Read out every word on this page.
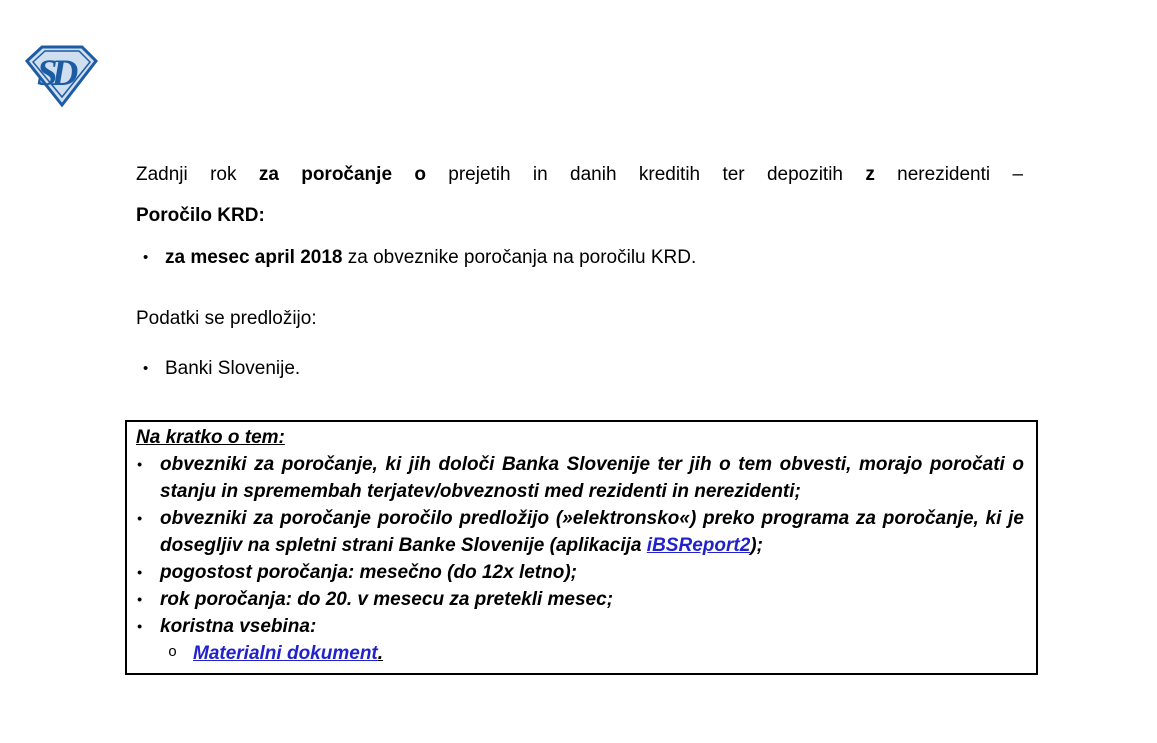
SD
Zadnji rok za poročanje o prejetih in danih kreditih ter depozitih z nerezidenti –
Poročilo KRD:
• za mesec april 2018 za obveznike poročanja na poročilu KRD.
Podatki se predložijo:
• Banki Slovenije.
Na kratko o tem:
• obvezniki za poročanje, ki jih določi Banka Slovenije ter jih o tem obvesti, morajo poročati o stanju in spremembah terjatev/obveznosti med rezidenti in nerezidenti;
• obvezniki za poročanje poročilo predložijo (»elektronsko«) preko programa za poročanje, ki je dosegljiv na spletni strani Banke Slovenije (aplikacija iBSReport2);
• pogostost poročanja: mesečno (do 12x letno);
• rok poročanja: do 20. v mesecu za pretekli mesec;
• koristna vsebina:
o Materialni dokument.
